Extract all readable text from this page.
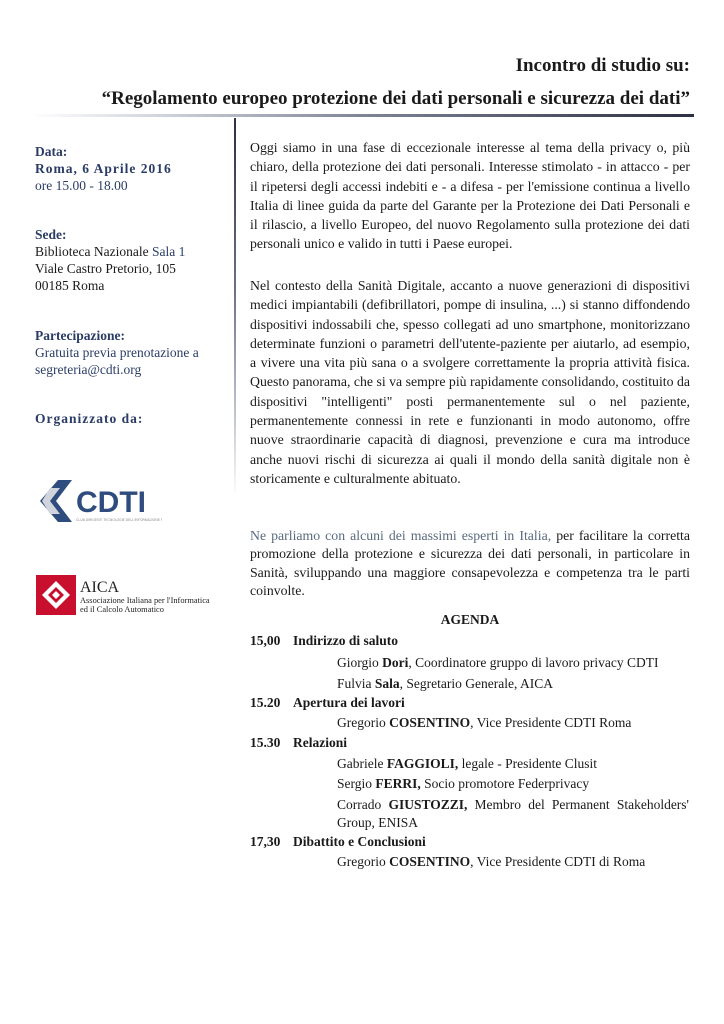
Incontro di studio su:
“Regolamento europeo protezione dei dati personali e sicurezza dei dati”
Data:
Roma, 6 Aprile 2016
ore 15.00 - 18.00
Sede:
Biblioteca Nazionale Sala 1
Viale Castro Pretorio, 105
00185 Roma
Partecipazione:
Gratuita previa prenotazione a
segreteria@cdti.org
Organizzato da:
CDTI
CLUB DIRIGENTI TECNOLOGIE DELL'INFORMAZIONE ROMA
AICA
Associazione Italiana per l'Informatica
ed il Calcolo Automatico
Oggi siamo in una fase di eccezionale interesse al tema della privacy o, più chiaro, della protezione dei dati personali. Interesse stimolato - in attacco - per il ripetersi degli accessi indebiti e - a difesa - per l'emissione continua a livello Italia di linee guida da parte del Garante per la Protezione dei Dati Personali e il rilascio, a livello Europeo, del nuovo Regolamento sulla protezione dei dati personali unico e valido in tutti i Paese europei.
Nel contesto della Sanità Digitale, accanto a nuove generazioni di dispositivi medici impiantabili (defibrillatori, pompe di insulina, ...) si stanno diffondendo dispositivi indossabili che, spesso collegati ad uno smartphone, monitorizzano determinate funzioni o parametri dell'utente-paziente per aiutarlo, ad esempio, a vivere una vita più sana o a svolgere correttamente la propria attività fisica. Questo panorama, che si va sempre più rapidamente consolidando, costituito da dispositivi "intelligenti" posti permanentemente sul o nel paziente, permanentemente connessi in rete e funzionanti in modo autonomo, offre nuove straordinarie capacità di diagnosi, prevenzione e cura ma introduce anche nuovi rischi di sicurezza ai quali il mondo della sanità digitale non è storicamente e culturalmente abituato.
Ne parliamo con alcuni dei massimi esperti in Italia, per facilitare la corretta promozione della protezione e sicurezza dei dati personali, in particolare in Sanità, sviluppando una maggiore consapevolezza e competenza tra le parti coinvolte.
AGENDA
15,00 Indirizzo di saluto
Giorgio Dori, Coordinatore gruppo di lavoro privacy CDTI
Fulvia Sala, Segretario Generale, AICA
15.20 Apertura dei lavori
Gregorio COSENTINO, Vice Presidente CDTI Roma
15.30 Relazioni
Gabriele FAGGIOLI, legale - Presidente Clusit
Sergio FERRI, Socio promotore Federprivacy
Corrado GIUSTOZZI, Membro del Permanent Stakeholders' Group, ENISA
17,30 Dibattito e Conclusioni
Gregorio COSENTINO, Vice Presidente CDTI di Roma
